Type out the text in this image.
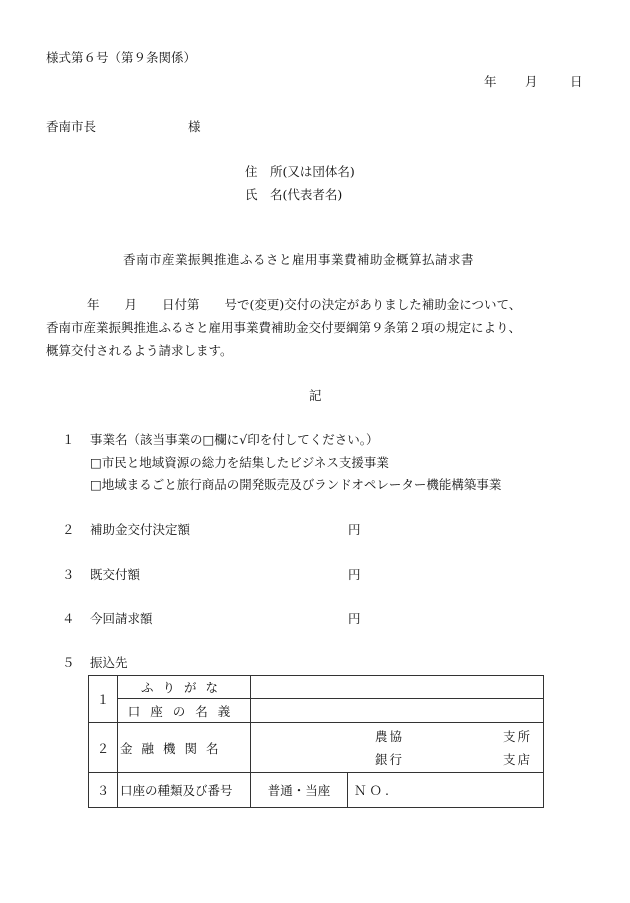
様式第６号（第９条関係）
年 月	日
香南市長	様
住　所(又は団体名)
氏　名(代表者名)
香南市産業振興推進ふるさと雇用事業費補助金概算払請求書
年　　月　　日付第　　号で(変更)交付の決定がありました補助金について、
香南市産業振興推進ふるさと雇用事業費補助金交付要綱第９条第２項の規定により、
概算交付されるよう請求します。
記
１ 事業名（該当事業の□欄に√印を付してください。）
□市民と地域資源の総力を結集したビジネス支援事業
□地域まるごと旅行商品の開発販売及びランドオペレーター機能構築事業
２ 補助金交付決定額	円
３ 既交付額	円
４ 今回請求額	円
５ 振込先
１	ふりがな		
	口座の名義		
２	金融機関名	農協 支所
銀行 支店	

３	口座の種類及び番号	普通・当座	ＮＯ.
